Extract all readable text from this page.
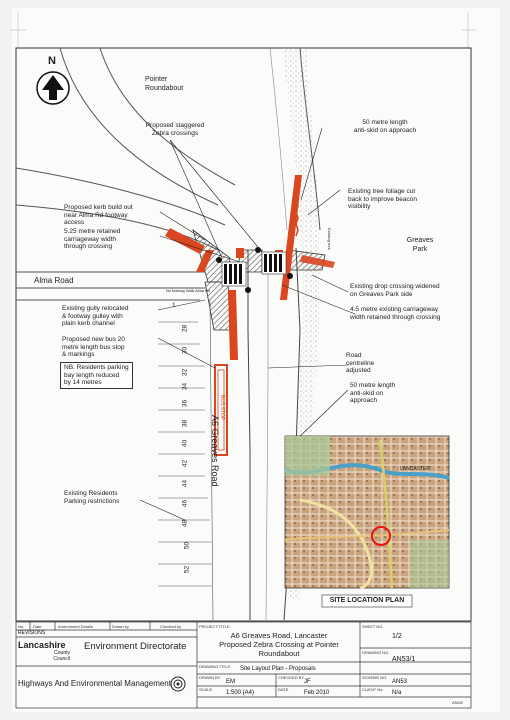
Existing tree
BUS STOP
N
Pointer
Roundabout
Proposed staggered
Zebra crossings
50 metre length
anti-skid on approach
Existing tree foliage cut
back to improve beacon
visibility
Greaves
Park
Proposed kerb build out
near Alma Rd footway
access
5.25 metre retained
carriageway width
through crossing
Alma Road
No footway Walk Alma Rd
1
Existing gully relocated
& footway gulley with
plain kerb channel
Existing drop crossing widened
on Greaves Park side
4.5 metre existing carriageway
width retained through crossing
Proposed new bus 20
metre length bus stop
& markings
NB. Residents parking
bay length reduced
by 14 metres
Road
centreline
adjusted
50 metre length
anti-skid on
approach
A6 Greaves Road
Existing Residents
Parking restrictions
LANCASTER
SITE LOCATION PLAN
28
30
32
34
36
38
40
42
44
46
48
50
52
No. Date	Amendment Details	Drawn by	Checked by
REVISIONS
Lancashire
County
Council
Environment Directorate
Highways And Environmental Management
PROJECT TITLE
A6 Greaves Road, Lancaster
Proposed Zebra Crossing at Pointer Roundabout
DRAWING TITLE Site Layout Plan - Proposals
SHEET NO.
1/2
DRAWING NO.
AN53/1
DRAWN BY
EM
CHECKED BY
JF
SCHEME NO.
AN53
SCALE
1:500 (A4)
DATE
Feb 2010
CLIENT No.
N/a
AN53/
